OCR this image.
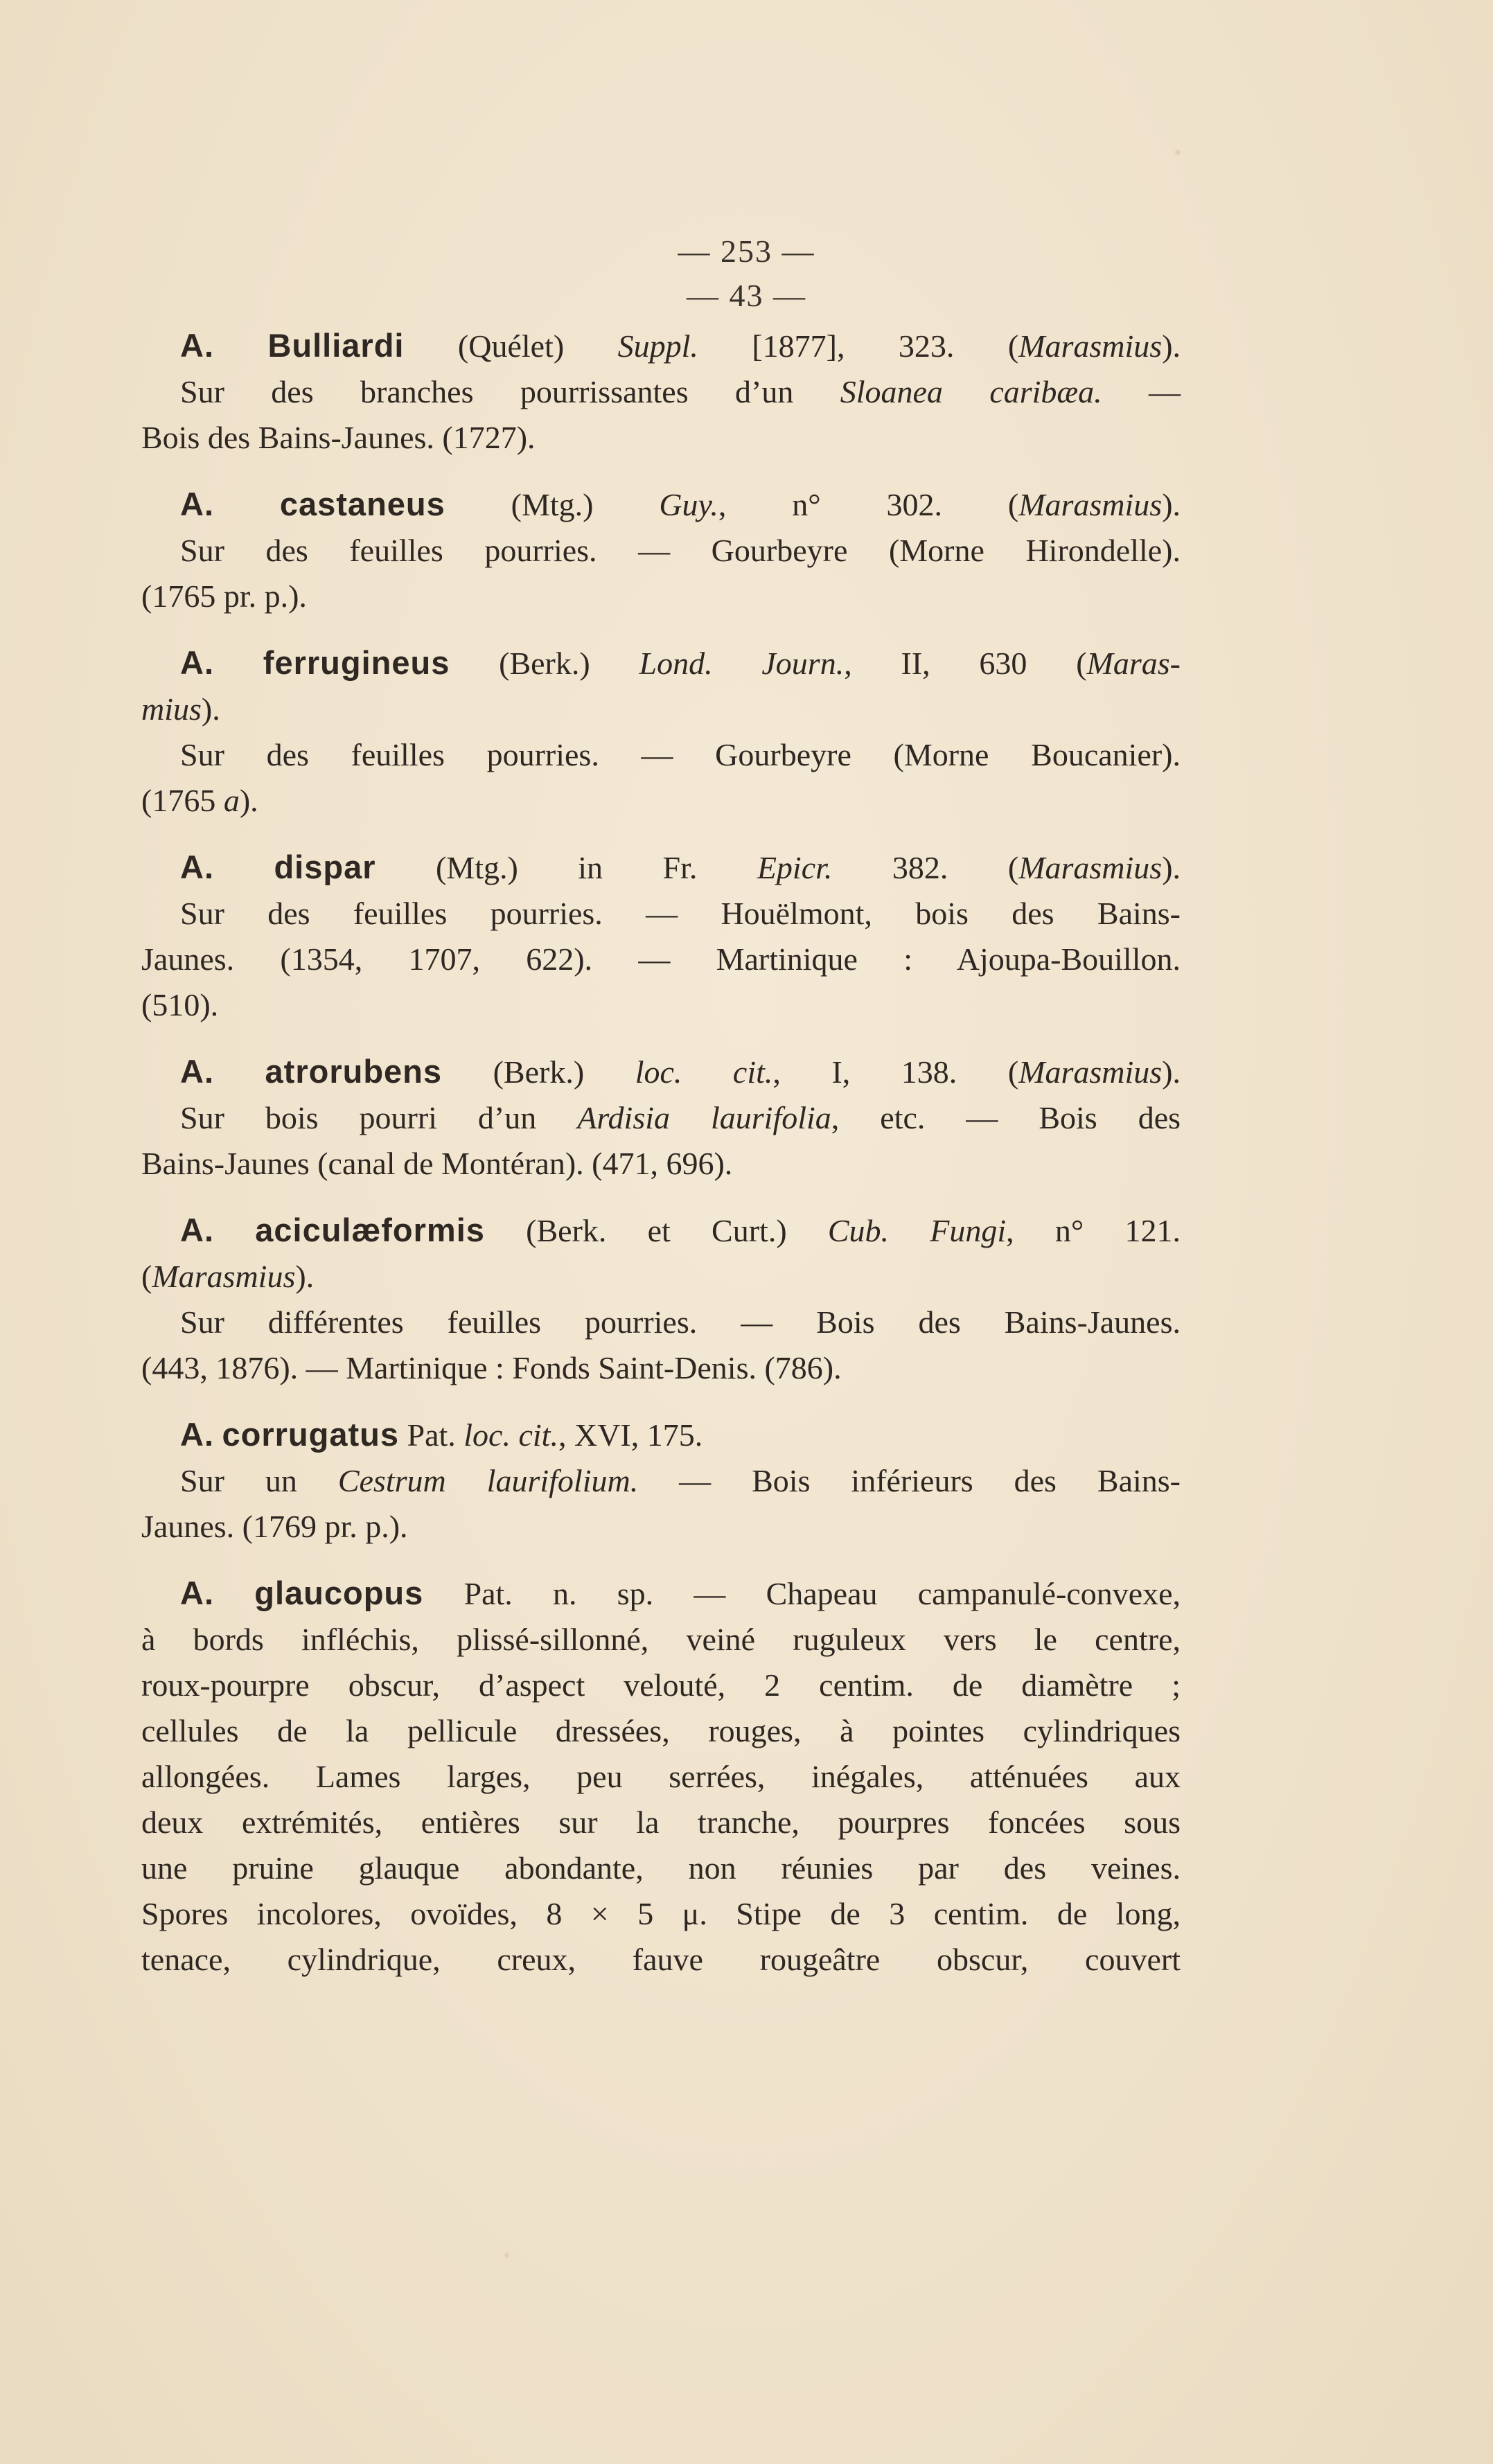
— 253 —
— 43 —
A. Bulliardi (Quélet) Suppl. [1877], 323. (Marasmius).
Sur des branches pourrissantes d’un Sloanea caribæa. —
Bois des Bains-Jaunes. (1727).
A. castaneus (Mtg.) Guy., n° 302. (Marasmius).
Sur des feuilles pourries. — Gourbeyre (Morne Hirondelle).
(1765 pr. p.).
A. ferrugineus (Berk.) Lond. Journ., II, 630 (Maras-
mius).
Sur des feuilles pourries. — Gourbeyre (Morne Boucanier).
(1765 a).
A. dispar (Mtg.) in Fr. Epicr. 382. (Marasmius).
Sur des feuilles pourries. — Houëlmont, bois des Bains-
Jaunes. (1354, 1707, 622). — Martinique : Ajoupa-Bouillon.
(510).
A. atrorubens (Berk.) loc. cit., I, 138. (Marasmius).
Sur bois pourri d’un Ardisia laurifolia, etc. — Bois des
Bains-Jaunes (canal de Montéran). (471, 696).
A. aciculæformis (Berk. et Curt.) Cub. Fungi, n° 121.
(Marasmius).
Sur différentes feuilles pourries. — Bois des Bains-Jaunes.
(443, 1876). — Martinique : Fonds Saint-Denis. (786).
A. corrugatus Pat. loc. cit., XVI, 175.
Sur un Cestrum laurifolium. — Bois inférieurs des Bains-
Jaunes. (1769 pr. p.).
A. glaucopus Pat. n. sp. — Chapeau campanulé-convexe,
à bords infléchis, plissé-sillonné, veiné ruguleux vers le centre,
roux-pourpre obscur, d’aspect velouté, 2 centim. de diamètre ;
cellules de la pellicule dressées, rouges, à pointes cylindriques
allongées. Lames larges, peu serrées, inégales, atténuées aux
deux extrémités, entières sur la tranche, pourpres foncées sous
une pruine glauque abondante, non réunies par des veines.
Spores incolores, ovoïdes, 8 × 5 μ. Stipe de 3 centim. de long,
tenace, cylindrique, creux, fauve rougeâtre obscur, couvert
